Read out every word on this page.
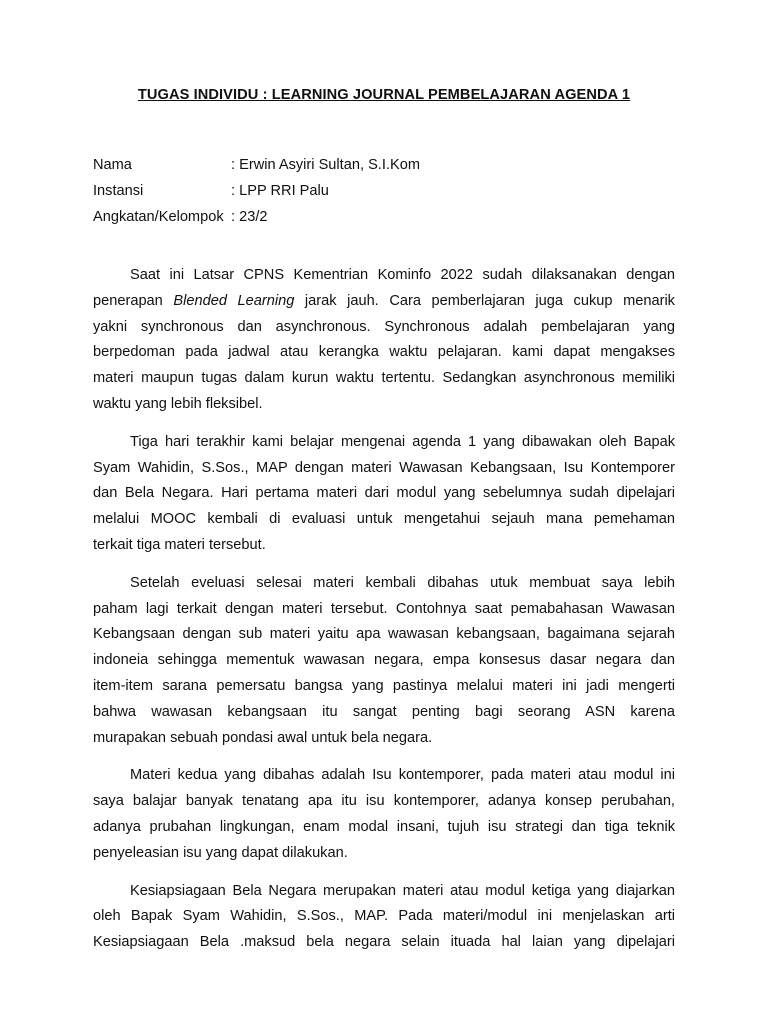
TUGAS INDIVIDU : LEARNING JOURNAL PEMBELAJARAN AGENDA 1
Nama	: Erwin Asyiri Sultan, S.I.Kom
Instansi	: LPP RRI Palu
Angkatan/Kelompok : 23/2
Saat ini Latsar CPNS Kementrian Kominfo 2022 sudah dilaksanakan dengan
penerapan Blended Learning jarak jauh. Cara pemberlajaran juga cukup menarik
yakni synchronous dan asynchronous. Synchronous adalah pembelajaran yang
berpedoman pada jadwal atau kerangka waktu pelajaran. kami dapat mengakses
materi maupun tugas dalam kurun waktu tertentu. Sedangkan asynchronous memiliki
waktu yang lebih fleksibel.
Tiga hari terakhir kami belajar mengenai agenda 1 yang dibawakan oleh Bapak
Syam Wahidin, S.Sos., MAP dengan materi Wawasan Kebangsaan, Isu Kontemporer
dan Bela Negara. Hari pertama materi dari modul yang sebelumnya sudah dipelajari
melalui MOOC kembali di evaluasi untuk mengetahui sejauh mana pemehaman
terkait tiga materi tersebut.
Setelah eveluasi selesai materi kembali dibahas utuk membuat saya lebih
paham lagi terkait dengan materi tersebut. Contohnya saat pemabahasan Wawasan
Kebangsaan dengan sub materi yaitu apa wawasan kebangsaan, bagaimana sejarah
indoneia sehingga mementuk wawasan negara, empa konsesus dasar negara dan
item-item sarana pemersatu bangsa yang pastinya melalui materi ini jadi mengerti
bahwa wawasan kebangsaan itu sangat penting bagi seorang ASN karena
murapakan sebuah pondasi awal untuk bela negara.
Materi kedua yang dibahas adalah Isu kontemporer, pada materi atau modul ini
saya balajar banyak tenatang apa itu isu kontemporer, adanya konsep perubahan,
adanya prubahan lingkungan, enam modal insani, tujuh isu strategi dan tiga teknik
penyeleasian isu yang dapat dilakukan.
Kesiapsiagaan Bela Negara merupakan materi atau modul ketiga yang diajarkan
oleh Bapak Syam Wahidin, S.Sos., MAP. Pada materi/modul ini menjelaskan arti
Kesiapsiagaan Bela .maksud bela negara selain ituada hal laian yang dipelajari
